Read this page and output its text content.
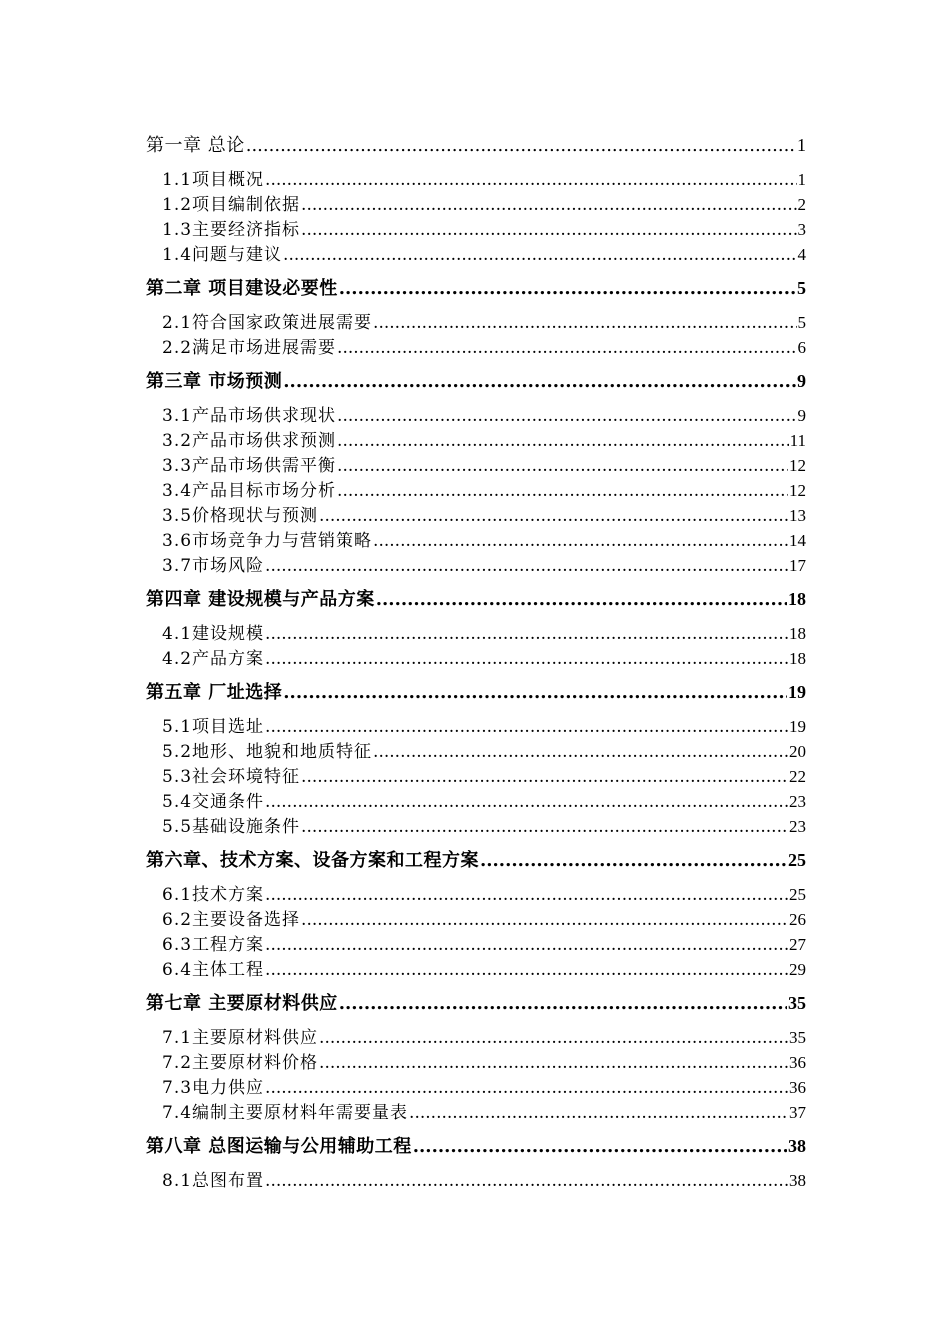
第一章 总论 .....	1
1.1项目概况 .....	1
1.2项目编制依据 .....	2
1.3主要经济指标 .....	3
1.4问题与建议 .....	4
第二章 项目建设必要性 .....	5
2.1符合国家政策进展需要 .....	5
2.2满足市场进展需要 .....	6
第三章 市场预测 .....	9
3.1产品市场供求现状 .....	9
3.2产品市场供求预测 .....	11
3.3产品市场供需平衡 .....	12
3.4产品目标市场分析 .....	12
3.5价格现状与预测 .....	13
3.6市场竞争力与营销策略 .....	14
3.7市场风险 .....	17
第四章 建设规模与产品方案 .....	18
4.1建设规模 .....	18
4.2产品方案 .....	18
第五章 厂址选择 .....	19
5.1项目选址 .....	19
5.2地形、地貌和地质特征 .....	20
5.3社会环境特征 .....	22
5.4交通条件 .....	23
5.5基础设施条件 .....	23
第六章、技术方案、设备方案和工程方案 .....	25
6.1技术方案 .....	25
6.2主要设备选择 .....	26
6.3工程方案 .....	27
6.4主体工程 .....	29
第七章 主要原材料供应 .....	35
7.1主要原材料供应 .....	35
7.2主要原材料价格 .....	36
7.3电力供应 .....	36
7.4编制主要原材料年需要量表 .....	37
第八章 总图运输与公用辅助工程 .....	38
8.1总图布置 .....	38
